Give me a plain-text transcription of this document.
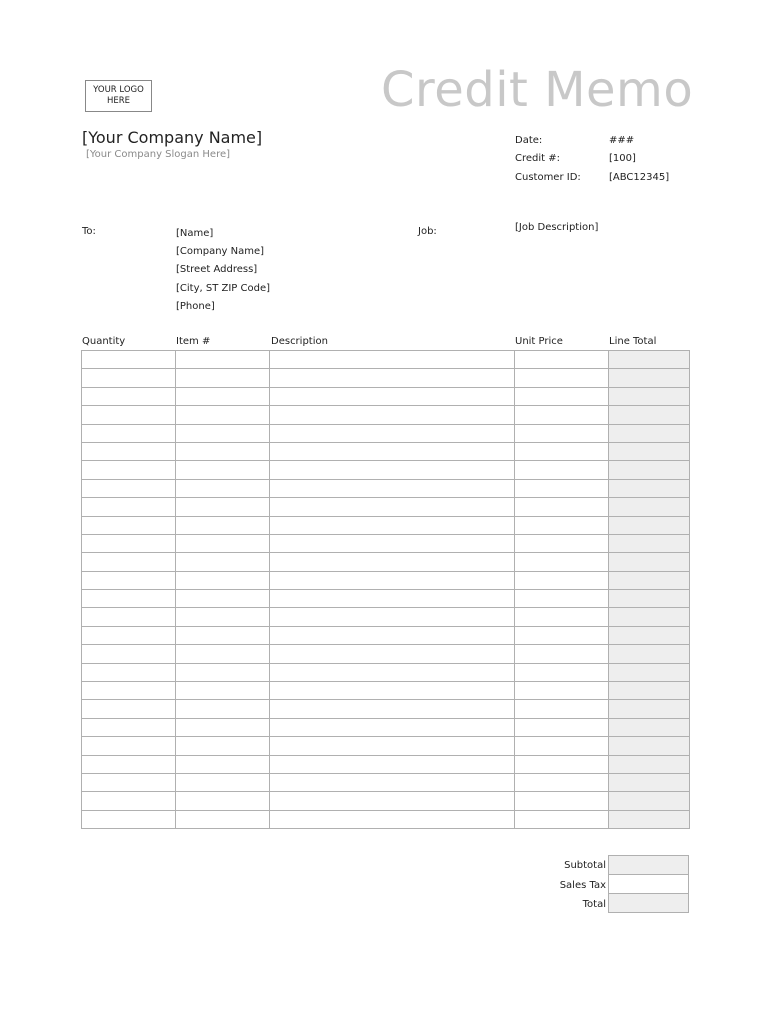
YOUR LOGO
HERE	Credit Memo
[Your Company Name]
[Your Company Slogan Here]
Date:	###
Credit #:	[100]
Customer ID:	[ABC12345]
To:	[Name]
[Company Name]
[Street Address]
[City, ST ZIP Code]
[Phone]
Job:	[Job Description]
Quantity	Item #	Description	Unit Price	Line Total

Subtotal
Sales Tax
Total
